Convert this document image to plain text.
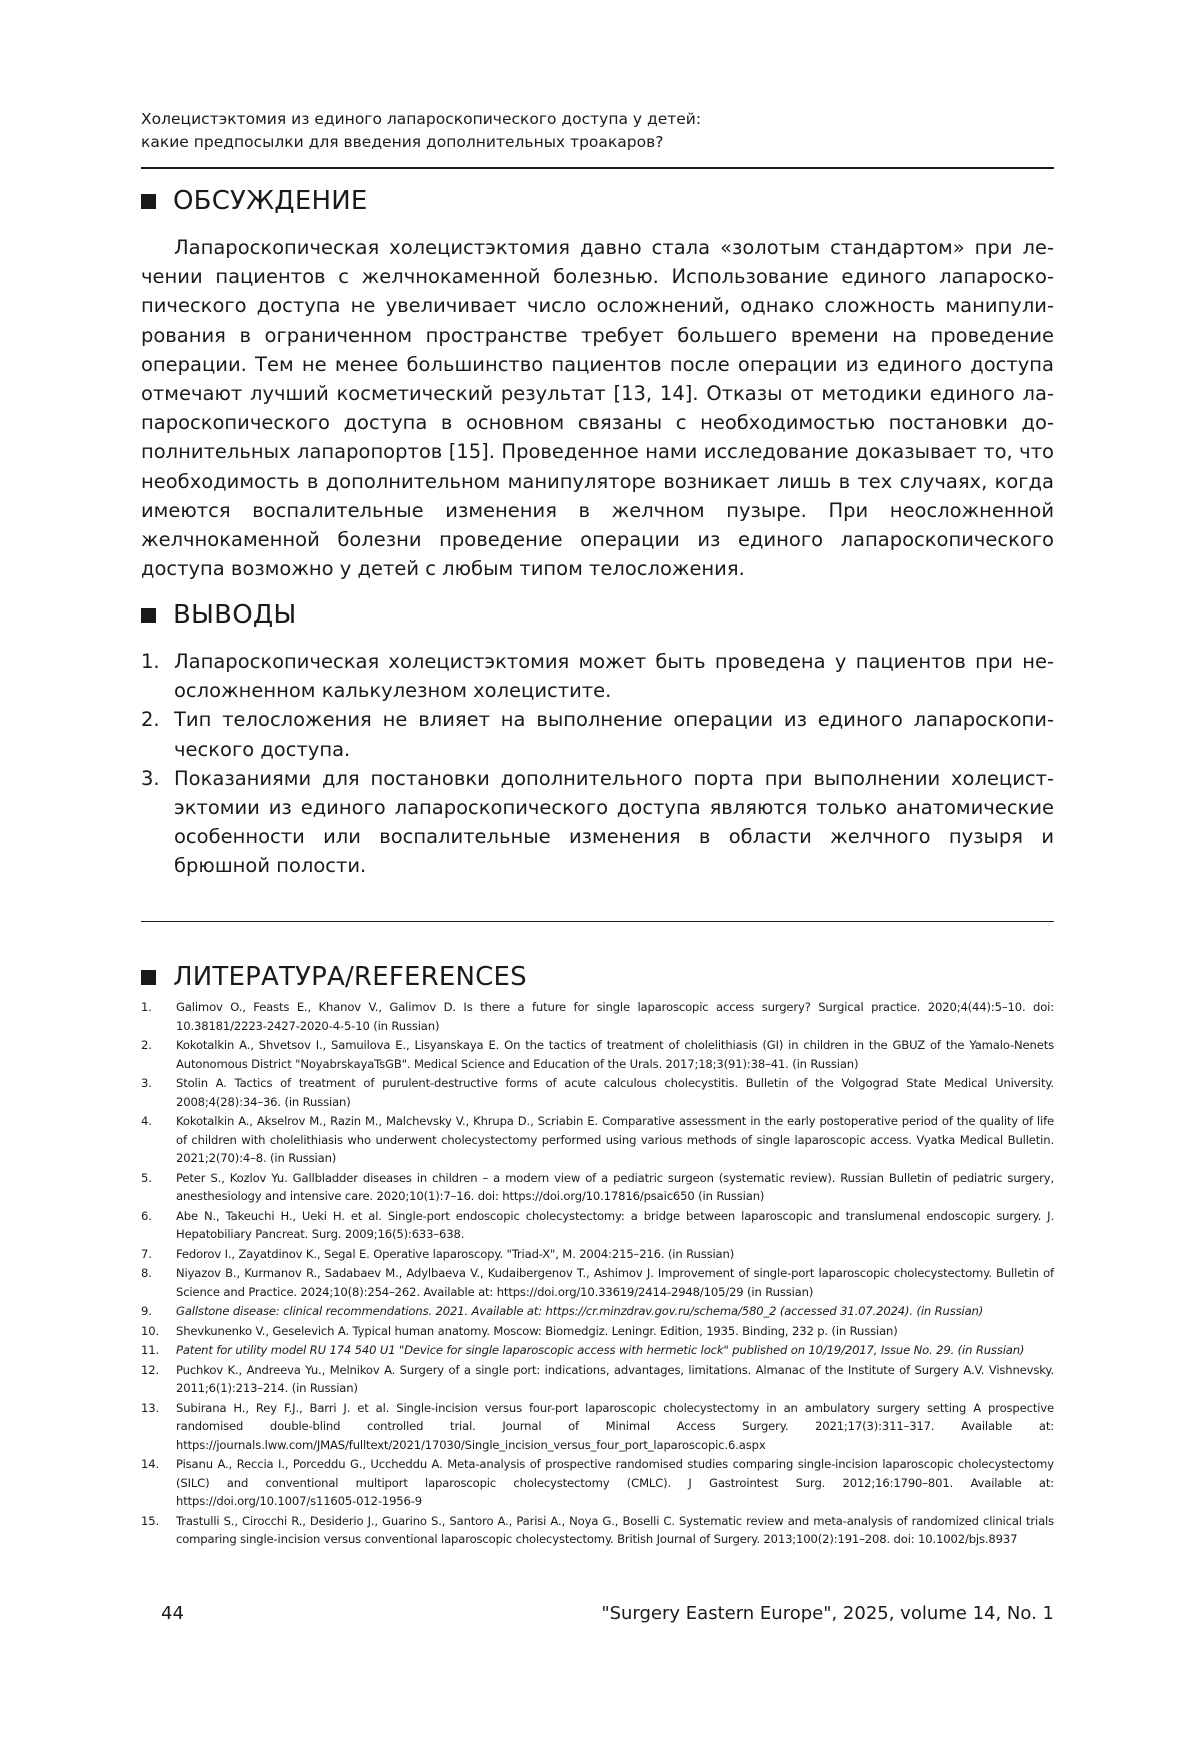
Холецистэктомия из единого лапароскопического доступа у детей:
какие предпосылки для введения дополнительных троакаров?
ОБСУЖДЕНИЕ

Лапароскопическая холецистэктомия давно стала «золотым стандартом» при лечении пациентов с желчнокаменной болезнью. Использование единого лапароскопического доступа не увеличивает число осложнений, однако сложность манипулирования в ограниченном пространстве требует большего времени на проведение операции. Тем не менее большинство пациентов после операции из единого доступа отмечают лучший косметический результат [13, 14]. Отказы от методики единого лапароскопического доступа в основном связаны с необходимостью постановки дополнительных лапаропортов [15]. Проведенное нами исследование доказывает то, что необходимость в дополнительном манипуляторе возникает лишь в тех случаях, когда имеются воспалительные изменения в желчном пузыре. При неосложненной желчнокаменной болезни проведение операции из единого лапароскопического доступа возможно у детей с любым типом телосложения.

ВЫВОДЫ
1. Лапароскопическая холецистэктомия может быть проведена у пациентов при неосложненном калькулезном холецистите.
2. Тип телосложения не влияет на выполнение операции из единого лапароскопического доступа.
3. Показаниями для постановки дополнительного порта при выполнении холецистэктомии из единого лапароскопического доступа являются только анатомические особенности или воспалительные изменения в области желчного пузыря и брюшной полости.
ЛИТЕРАТУРА/REFERENCES
1.	Galimov O., Feasts E., Khanov V., Galimov D. Is there a future for single laparoscopic access surgery? Surgical practice. 2020;4(44):5–10. doi: 10.38181/2223-2427-2020-4-5-10 (in Russian)
2.	Kokotalkin A., Shvetsov I., Samuilova E., Lisyanskaya E. On the tactics of treatment of cholelithiasis (GI) in children in the GBUZ of the Yamalo-Nenets Autonomous District "NoyabrskayaTsGB". Medical Science and Education of the Urals. 2017;18;3(91):38–41. (in Russian)
3.	Stolin A. Tactics of treatment of purulent-destructive forms of acute calculous cholecystitis. Bulletin of the Volgograd State Medical University. 2008;4(28):34–36. (in Russian)
4.	Kokotalkin A., Akselrov M., Razin M., Malchevsky V., Khrupa D., Scriabin E. Comparative assessment in the early postoperative period of the quality of life of children with cholelithiasis who underwent cholecystectomy performed using various methods of single laparoscopic access. Vyatka Medical Bulletin. 2021;2(70):4–8. (in Russian)
5.	Peter S., Kozlov Yu. Gallbladder diseases in children – a modern view of a pediatric surgeon (systematic review). Russian Bulletin of pediatric surgery, anesthesiology and intensive care. 2020;10(1):7–16. doi: https://doi.org/10.17816/psaic650 (in Russian)
6.	Abe N., Takeuchi H., Ueki H. et al. Single-port endoscopic cholecystectomy: a bridge between laparoscopic and translumenal endoscopic surgery. J. Hepatobiliary Pancreat. Surg. 2009;16(5):633–638.
7.	Fedorov I., Zayatdinov K., Segal E. Operative laparoscopy. "Triad-X", M. 2004:215–216. (in Russian)
8.	Niyazov B., Kurmanov R., Sadabaev M., Adylbaeva V., Kudaibergenov T., Ashimov J. Improvement of single-port laparoscopic cholecystectomy. Bulletin of Science and Practice. 2024;10(8):254–262. Available at: https://doi.org/10.33619/2414-2948/105/29 (in Russian)
9.	Gallstone disease: clinical recommendations. 2021. Available at: https://cr.minzdrav.gov.ru/schema/580_2 (accessed 31.07.2024). (in Russian)
10.	Shevkunenko V., Geselevich A. Typical human anatomy. Moscow: Biomedgiz. Leningr. Edition, 1935. Binding, 232 p. (in Russian)
11.	Patent for utility model RU 174 540 U1 "Device for single laparoscopic access with hermetic lock" published on 10/19/2017, Issue No. 29. (in Russian)
12.	Puchkov K., Andreeva Yu., Melnikov A. Surgery of a single port: indications, advantages, limitations. Almanac of the Institute of Surgery A.V. Vishnevsky. 2011;6(1):213–214. (in Russian)
13.	Subirana H., Rey F.J., Barri J. et al. Single-incision versus four-port laparoscopic cholecystectomy in an ambulatory surgery setting A prospective randomised double-blind controlled trial. Journal of Minimal Access Surgery. 2021;17(3):311–317. Available at: https://journals.lww.com/JMAS/fulltext/2021/17030/Single_incision_versus_four_port_laparoscopic.6.aspx
14.	Pisanu A., Reccia I., Porceddu G., Uccheddu A. Meta-analysis of prospective randomised studies comparing single-incision laparoscopic cholecystectomy (SILC) and conventional multiport laparoscopic cholecystectomy (CMLC). J Gastrointest Surg. 2012;16:1790–801. Available at: https://doi.org/10.1007/s11605-012-1956-9
15.	Trastulli S., Cirocchi R., Desiderio J., Guarino S., Santoro A., Parisi A., Noya G., Boselli C. Systematic review and meta-analysis of randomized clinical trials comparing single-incision versus conventional laparoscopic cholecystectomy. British Journal of Surgery. 2013;100(2):191–208. doi: 10.1002/bjs.8937
44	"Surgery Eastern Europe", 2025, volume 14, No. 1
